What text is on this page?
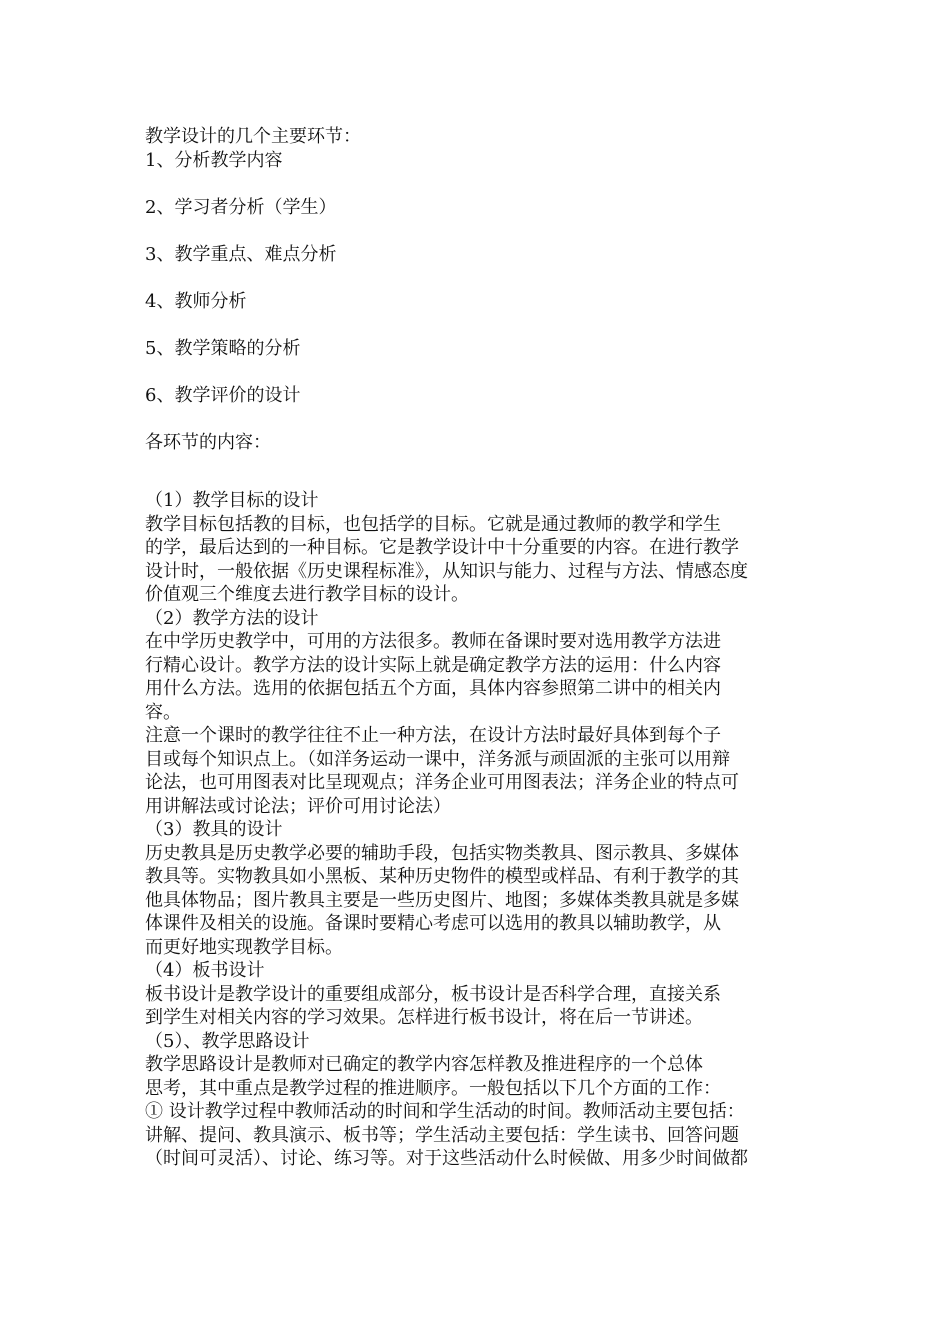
教学设计的几个主要环节：
1、分析教学内容
2、学习者分析（学生）
3、教学重点、难点分析
4、教师分析
5、教学策略的分析
6、教学评价的设计
各环节的内容：
（1）教学目标的设计
教学目标包括教的目标，也包括学的目标。它就是通过教师的教学和学生
的学，最后达到的一种目标。它是教学设计中十分重要的内容。在进行教学
设计时，一般依据《历史课程标准》，从知识与能力、过程与方法、情感态度
价值观三个维度去进行教学目标的设计。
（2）教学方法的设计
在中学历史教学中，可用的方法很多。教师在备课时要对选用教学方法进
行精心设计。教学方法的设计实际上就是确定教学方法的运用：什么内容
用什么方法。选用的依据包括五个方面，具体内容参照第二讲中的相关内
容。
注意一个课时的教学往往不止一种方法，在设计方法时最好具体到每个子
目或每个知识点上。（如洋务运动一课中，洋务派与顽固派的主张可以用辩
论法，也可用图表对比呈现观点；洋务企业可用图表法；洋务企业的特点可
用讲解法或讨论法；评价可用讨论法）
（3）教具的设计
历史教具是历史教学必要的辅助手段，包括实物类教具、图示教具、多媒体
教具等。实物教具如小黑板、某种历史物件的模型或样品、有利于教学的其
他具体物品；图片教具主要是一些历史图片、地图；多媒体类教具就是多媒
体课件及相关的设施。备课时要精心考虑可以选用的教具以辅助教学，从
而更好地实现教学目标。
（4）板书设计
板书设计是教学设计的重要组成部分，板书设计是否科学合理，直接关系
到学生对相关内容的学习效果。怎样进行板书设计，将在后一节讲述。
（5）、教学思路设计
教学思路设计是教师对已确定的教学内容怎样教及推进程序的一个总体
思考，其中重点是教学过程的推进顺序。一般包括以下几个方面的工作：
① 设计教学过程中教师活动的时间和学生活动的时间。教师活动主要包括：
讲解、提问、教具演示、板书等；学生活动主要包括：学生读书、回答问题
（时间可灵活）、讨论、练习等。对于这些活动什么时候做、用多少时间做都
